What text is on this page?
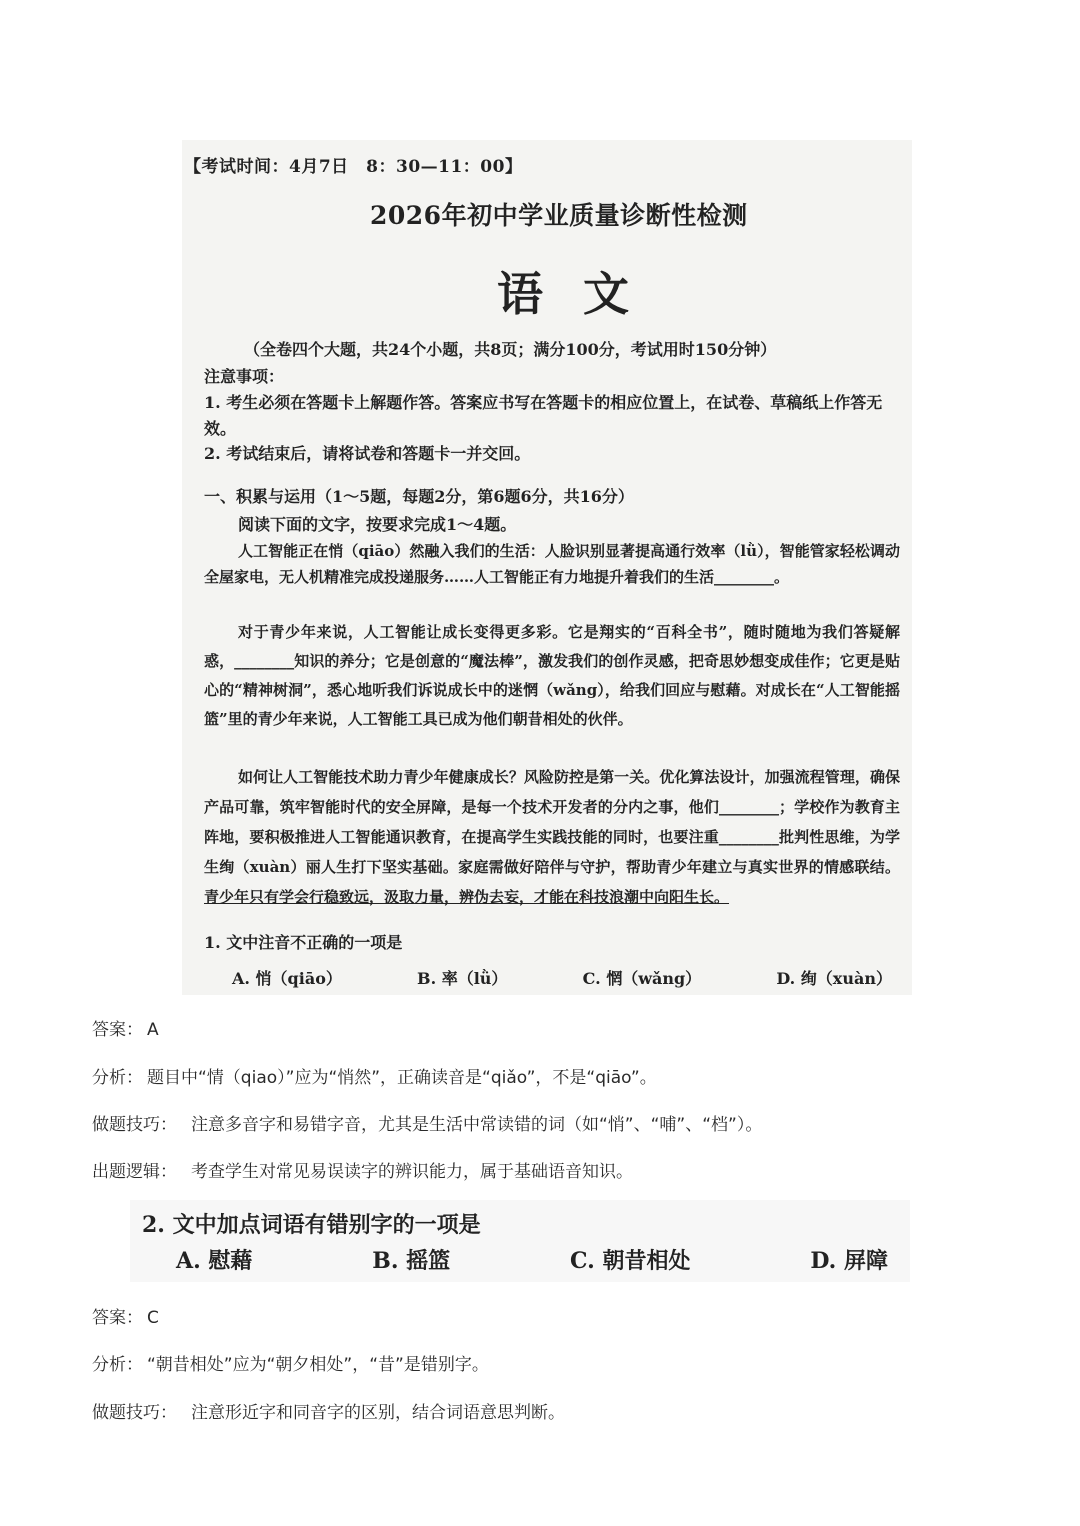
【考试时间：4月7日　8：30—11：00】
2026年初中学业质量诊断性检测
语文
（全卷四个大题，共24个小题，共8页；满分100分，考试用时150分钟）
注意事项：
1. 考生必须在答题卡上解题作答。答案应书写在答题卡的相应位置上，在试卷、草稿纸上作答无效。
2. 考试结束后，请将试卷和答题卡一并交回。
一、积累与运用（1～5题，每题2分，第6题6分，共16分）
阅读下面的文字，按要求完成1～4题。
人工智能正在悄（qiāo）然融入我们的生活：人脸识别显著提高通行效率（lǜ），智能管家轻松调动全屋家电，无人机精准完成投递服务……人工智能正有力地提升着我们的生活________。
对于青少年来说，人工智能让成长变得更多彩。它是翔实的“百科全书”，随时随地为我们答疑解惑，________知识的养分；它是创意的“魔法棒”，激发我们的创作灵感，把奇思妙想变成佳作；它更是贴心的“精神树洞”，悉心地听我们诉说成长中的迷惘（wǎng），给我们回应与慰藉。对成长在“人工智能摇篮”里的青少年来说，人工智能工具已成为他们朝昔相处的伙伴。
如何让人工智能技术助力青少年健康成长？风险防控是第一关。优化算法设计，加强流程管理，确保产品可靠，筑牢智能时代的安全屏障，是每一个技术开发者的分内之事，他们________；学校作为教育主阵地，要积极推进人工智能通识教育，在提高学生实践技能的同时，也要注重________批判性思维，为学生绚（xuàn）丽人生打下坚实基础。家庭需做好陪伴与守护，帮助青少年建立与真实世界的情感联结。青少年只有学会行稳致远，汲取力量，辨伪去妄，才能在科技浪潮中向阳生长。
1. 文中注音不正确的一项是
A. 悄（qiāo）	B. 率（lǜ）	C. 惘（wǎng）	D. 绚（xuàn）
答案： A
分析： 题目中“情（qiao）”应为“悄然”，正确读音是“qiǎo”，不是“qiāo”。
做题技巧： 注意多音字和易错字音，尤其是生活中常读错的词（如“悄”、“哺”、“档”）。
出题逻辑： 考查学生对常见易误读字的辨识能力，属于基础语音知识。
2. 文中加点词语有错别字的一项是
A. 慰藉	B. 摇篮	C. 朝昔相处	D. 屏障
答案： C
分析： “朝昔相处”应为“朝夕相处”，“昔”是错别字。
做题技巧： 注意形近字和同音字的区别，结合词语意思判断。
